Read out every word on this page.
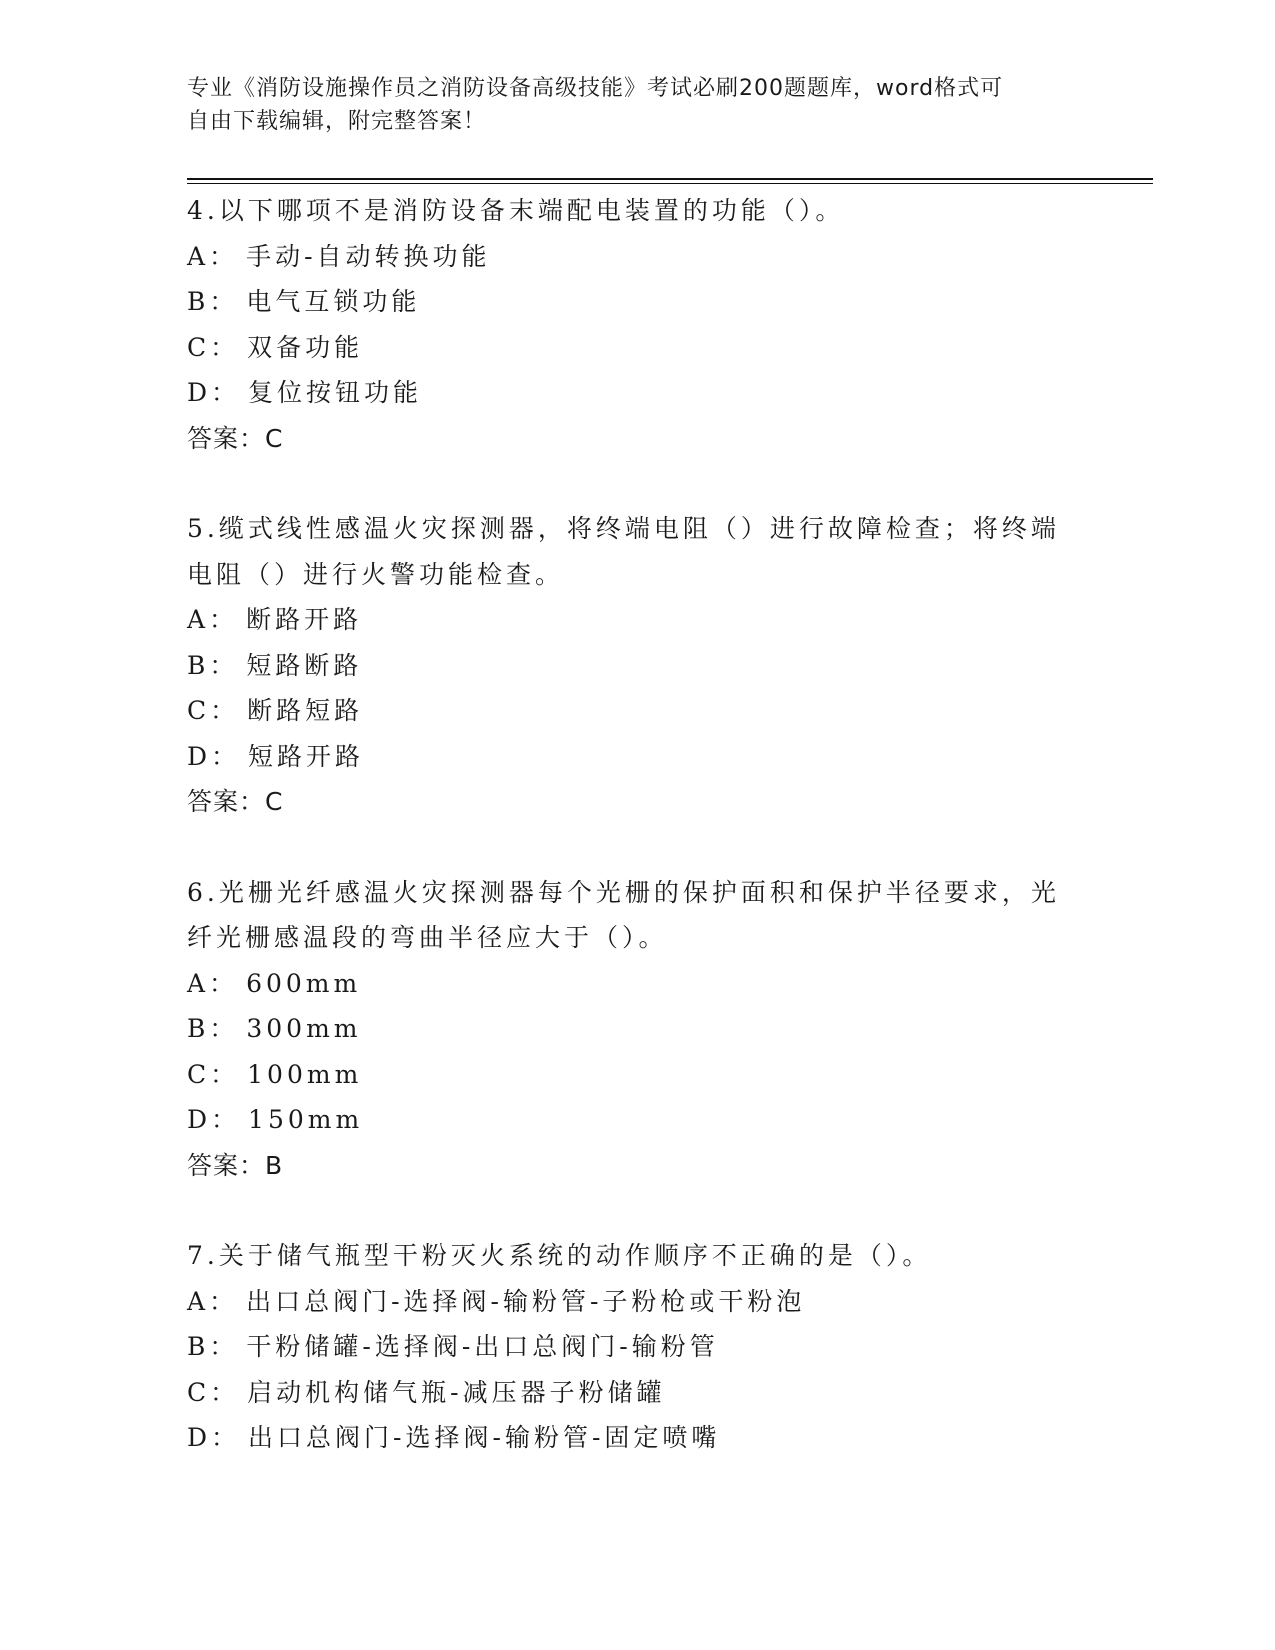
专业《消防设施操作员之消防设备高级技能》考试必刷200题题库，word格式可
自由下载编辑，附完整答案！

4.以下哪项不是消防设备末端配电装置的功能（）。

A： 手动-自动转换功能

B： 电气互锁功能

C： 双备功能

D： 复位按钮功能

答案：C

5.缆式线性感温火灾探测器，将终端电阻（）进行故障检查；将终端电阻（）进行火警功能检查。

A： 断路开路

B： 短路断路

C： 断路短路

D： 短路开路

答案：C

6.光栅光纤感温火灾探测器每个光栅的保护面积和保护半径要求，光纤光栅感温段的弯曲半径应大于（）。

A： 600mm

B： 300mm

C： 100mm

D： 150mm

答案：B

7.关于储气瓶型干粉灭火系统的动作顺序不正确的是（）。

A： 出口总阀门-选择阀-输粉管-子粉枪或干粉泡

B： 干粉储罐-选择阀-出口总阀门-输粉管

C： 启动机构储气瓶-减压器子粉储罐

D： 出口总阀门-选择阀-输粉管-固定喷嘴
